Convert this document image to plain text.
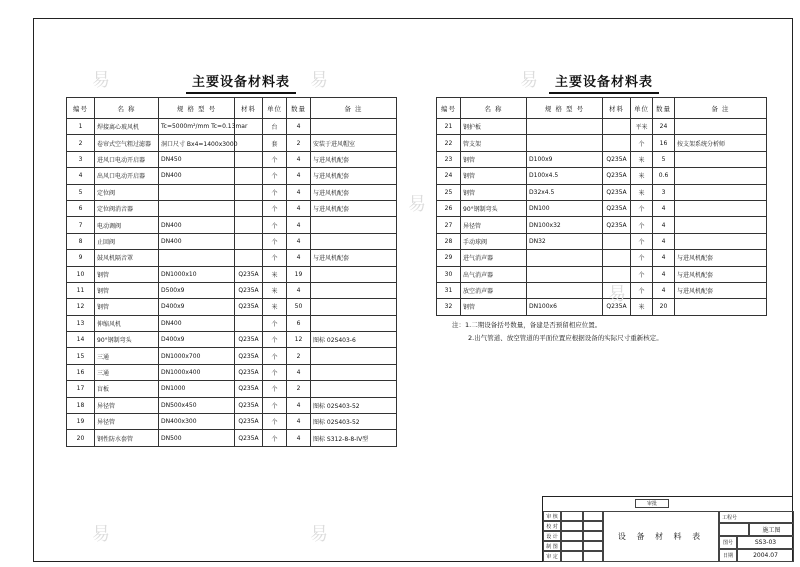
主要设备材料表
编号	名 称	规 格 型 号	材料	单位	数量	备 注
1	焊接离心玻风机	Tc=5000m²/mm Tc=0.13mar		台	4	
2	卷帘式空气粗过滤器	洞口尺寸 Bx4=1400x3000		套	2	安装于进风帽室
3	进风口电动开启器	DN450		个	4	与进风机配套
4	出风口电动开启器	DN400		个	4	与进风机配套
5	定位阀			个	4	与进风机配套
6	定位阀消音器			个	4	与进风机配套
7	电动调阀	DN400		个	4	
8	止回阀	DN400		个	4	
9	鼓风机隔音罩			个	4	与进风机配套
10	钢管	DN1000x10	Q235A	米	19	
11	钢管	D500x9	Q235A	米	4	
12	钢管	D400x9	Q235A	米	50	
13	伸缩风机	DN400		个	6	
14	90°钢制弯头	D400x9	Q235A	个	12	图标 02S403-6
15	三通	DN1000x700	Q235A	个	2	
16	三通	DN1000x400	Q235A	个	4	
17	盲板	DN1000	Q235A	个	2	
18	异径管	DN500x450	Q235A	个	4	图标 02S403-52
19	异径管	DN400x300	Q235A	个	4	图标 02S403-52
20	钢性防水套管	DN500	Q235A	个	4	图标 S312-8-8-IV型
主要设备材料表
编号	名 称	规 格 型 号	材料	单位	数量	备 注
21	钢护板			平米	24	
22	管支架			个	16	按支架系统分析师
23	钢管	D100x9	Q235A	米	5	
24	钢管	D100x4.5	Q235A	米	0.6	
25	钢管	D32x4.5	Q235A	米	3	
26	90°钢制弯头	DN100	Q235A	个	4	
27	异径管	DN100x32	Q235A	个	4	
28	手动球阀	DN32		个	4	
29	进气消声器			个	4	与进风机配套
30	出气消声器			个	4	与进风机配套
31	放空消声器			个	4	与进风机配套
32	钢管	DN100x6	Q235A	米	20	
注：1.二期设备括号数量，备建是否预留相应位置。
2.出气管道、放空管道的平面位置应根据设备的实际尺寸重新核定。
审批
审 核
校 对
设 计
制 图
审 定
设 备 材 料 表
工程号
施工图
图号	SS3-03
日期	2004.07
易	易	易
易	易
易
易
